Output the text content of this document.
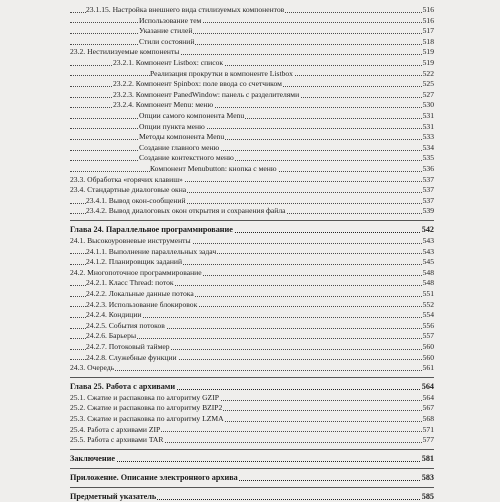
23.1.15. Настройка внешнего вида стилизуемых компонентов	516
Использование тем	516
Указание стилей	517
Стили состояний	518
23.2. Нестилизуемые компоненты	519
23.2.1. Компонент Listbox: список	519
Реализация прокрутки в компоненте Listbox	522
23.2.2. Компонент Spinbox: поле ввода со счетчиком	525
23.2.3. Компонент PanedWindow: панель с разделителями	527
23.2.4. Компонент Menu: меню	530
Опции самого компонента Menu	531
Опции пункта меню	531
Методы компонента Menu	533
Создание главного меню	534
Создание контекстного меню	535
Компонент Menubutton: кнопка с меню	536
23.3. Обработка «горячих клавиш»	537
23.4. Стандартные диалоговые окна	537
23.4.1. Вывод окон-сообщений	537
23.4.2. Вывод диалоговых окон открытия и сохранения файла	539
Глава 24. Параллельное программирование	542
24.1. Высокоуровневые инструменты	543
24.1.1. Выполнение параллельных задач	543
24.1.2. Планировщик заданий	545
24.2. Многопоточное программирование	548
24.2.1. Класс Thread: поток	548
24.2.2. Локальные данные потока	551
24.2.3. Использование блокировок	552
24.2.4. Кондиции	554
24.2.5. События потоков	556
24.2.6. Барьеры	557
24.2.7. Потоковый таймер	560
24.2.8. Служебные функции	560
24.3. Очередь	561
Глава 25. Работа с архивами	564
25.1. Сжатие и распаковка по алгоритму GZIP	564
25.2. Сжатие и распаковка по алгоритму BZIP2	567
25.3. Сжатие и распаковка по алгоритму LZMA	568
25.4. Работа с архивами ZIP	571
25.5. Работа с архивами TAR	577
Заключение	581
Приложение. Описание электронного архива	583
Предметный указатель	585
